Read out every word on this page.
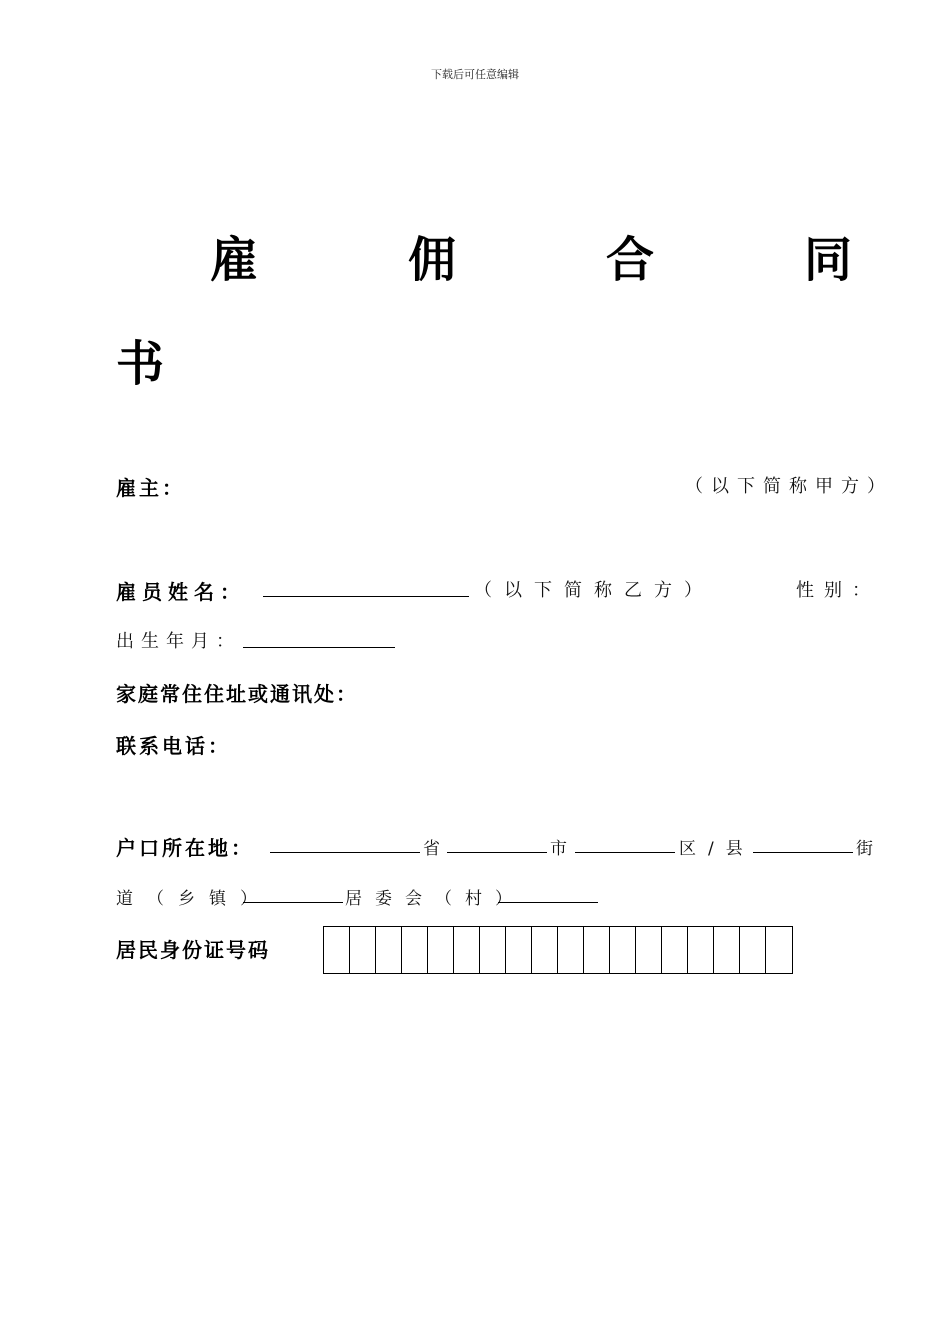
下载后可任意编辑
雇	佣	合	同
书
雇主：	（以下简称甲方）
雇员姓名：	（以下简称乙方）	性别：
出生年月：
家庭常住住址或通讯处：
联系电话：
户口所在地：	省	市	区/县	街
道（乡镇）	居委会（村）
居民身份证号码
